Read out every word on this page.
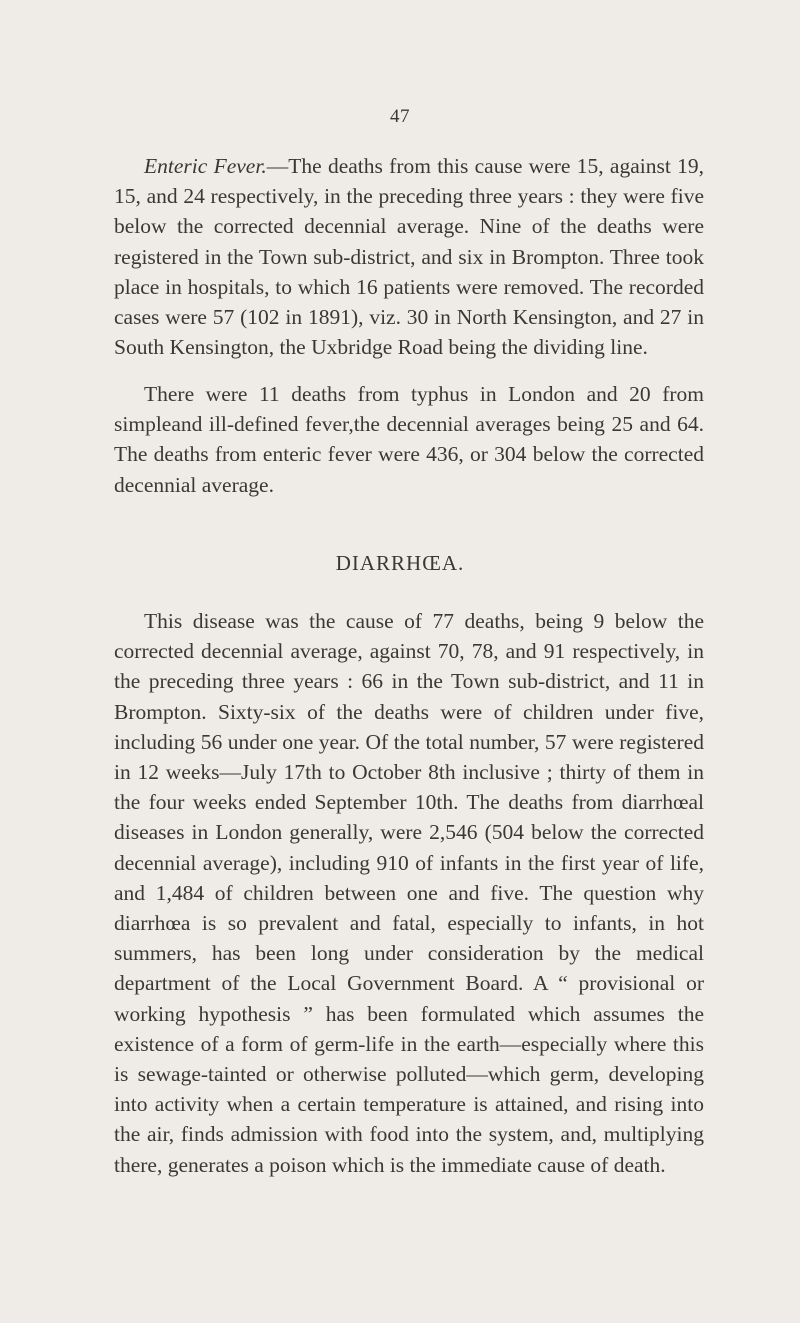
47

Enteric Fever.—The deaths from this cause were 15, against 19, 15, and 24 respectively, in the preceding three years : they were five below the corrected decennial average. Nine of the deaths were registered in the Town sub-district, and six in Brompton. Three took place in hospitals, to which 16 patients were removed. The recorded cases were 57 (102 in 1891), viz. 30 in North Kensington, and 27 in South Kensington, the Uxbridge Road being the dividing line.

There were 11 deaths from typhus in London and 20 from simpleand ill-defined fever,the decennial averages being 25 and 64. The deaths from enteric fever were 436, or 304 below the corrected decennial average.

DIARRHŒA.

This disease was the cause of 77 deaths, being 9 below the corrected decennial average, against 70, 78, and 91 respectively, in the preceding three years : 66 in the Town sub-district, and 11 in Brompton. Sixty-six of the deaths were of children under five, including 56 under one year. Of the total number, 57 were registered in 12 weeks—July 17th to October 8th inclusive ; thirty of them in the four weeks ended September 10th. The deaths from diarrhœal diseases in London generally, were 2,546 (504 below the corrected decennial average), including 910 of infants in the first year of life, and 1,484 of children between one and five. The question why diarrhœa is so prevalent and fatal, especially to infants, in hot summers, has been long under consideration by the medical department of the Local Government Board. A “ provisional or working hypothesis ” has been formulated which assumes the existence of a form of germ-life in the earth—especially where this is sewage-tainted or otherwise polluted—which germ, developing into activity when a certain temperature is attained, and rising into the air, finds admission with food into the system, and, multiplying there, generates a poison which is the immediate cause of death.
